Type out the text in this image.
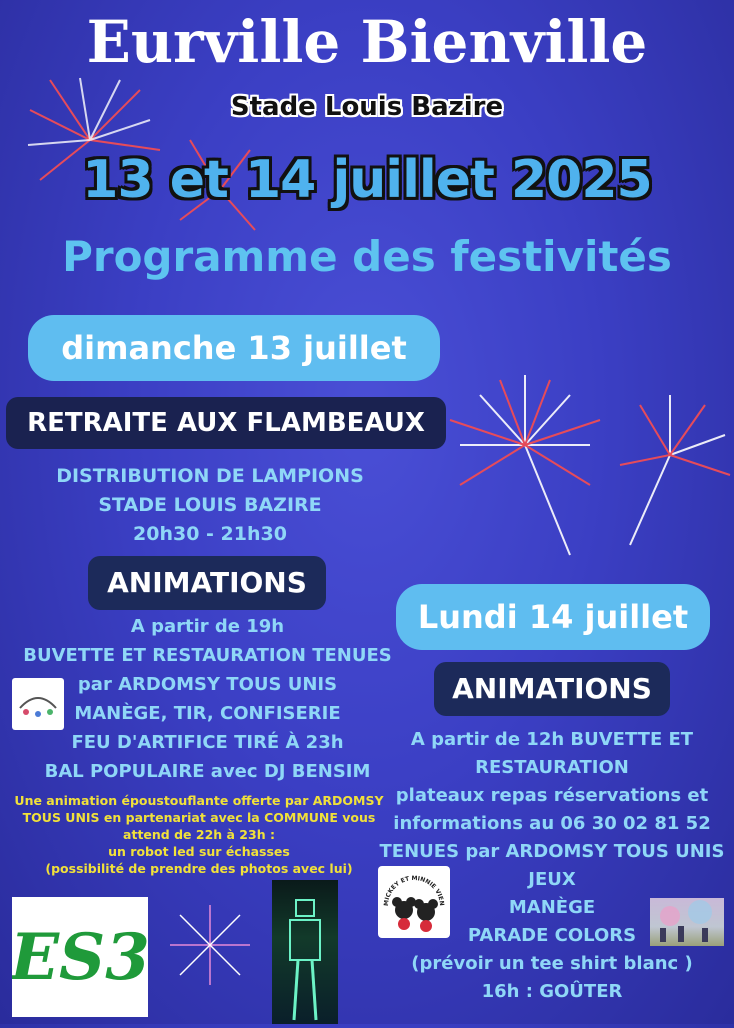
Eurville Bienville
Stade Louis Bazire
13 et 14 juillet 2025
Programme des festivités
dimanche 13 juillet
RETRAITE AUX FLAMBEAUX
DISTRIBUTION DE LAMPIONS
STADE LOUIS BAZIRE
20h30 - 21h30
ANIMATIONS
A partir de 19h
BUVETTE ET RESTAURATION TENUES
par ARDOMSY TOUS UNIS
MANÈGE, TIR, CONFISERIE
FEU D'ARTIFICE TIRÉ À 23h
BAL POPULAIRE avec DJ BENSIM
Une animation époustouflante offerte par ARDOMSY
TOUS UNIS en partenariat avec la COMMUNE vous
attend de 22h à 23h :
un robot led sur échasses
(possibilité de prendre des photos avec lui)
ES3
Lundi 14 juillet
ANIMATIONS
A partir de 12h BUVETTE ET
RESTAURATION
plateaux repas réservations et
informations au 06 30 02 81 52
TENUES par ARDOMSY TOUS UNIS
JEUX
MANÈGE
PARADE COLORS
(prévoir un tee shirt blanc )
16h : GOÛTER
MICKEY ET MINNIE VIEN
